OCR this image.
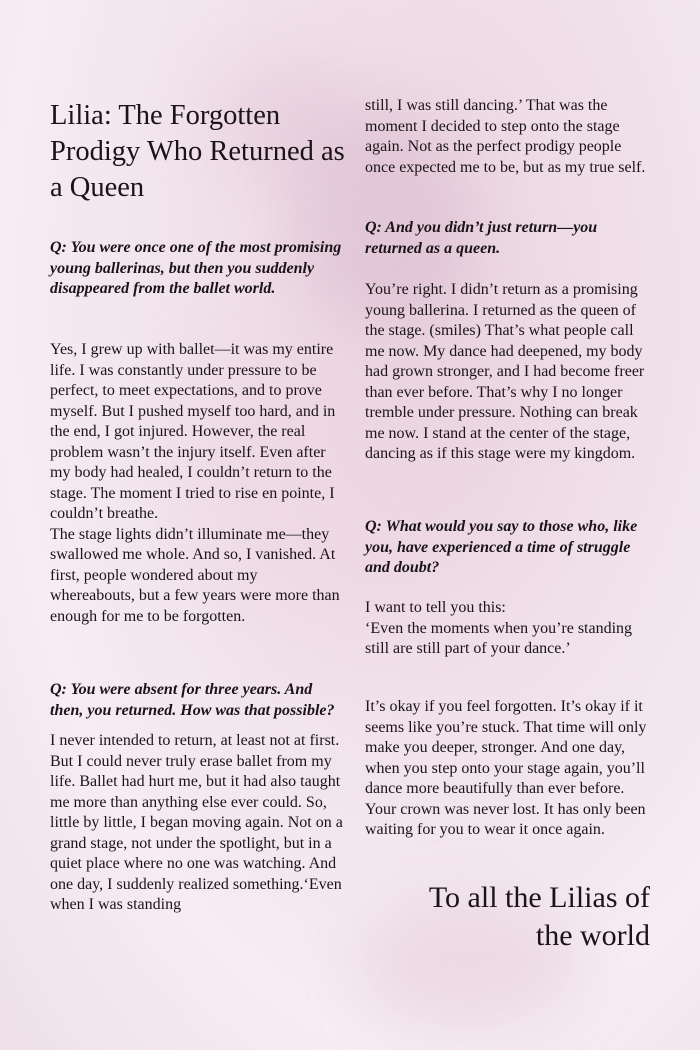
Lilia: The Forgotten Prodigy Who Returned as a Queen

Q: You were once one of the most promising young ballerinas, but then you suddenly disappeared from the ballet world.

Yes, I grew up with ballet—it was my entire life. I was constantly under pressure to be perfect, to meet expectations, and to prove myself. But I pushed myself too hard, and in the end, I got injured. However, the real problem wasn’t the injury itself. Even after my body had healed, I couldn’t return to the stage. The moment I tried to rise en pointe, I couldn’t breathe.
The stage lights didn’t illuminate me—they swallowed me whole. And so, I vanished. At first, people wondered about my whereabouts, but a few years were more than enough for me to be forgotten.

Q: You were absent for three years. And then, you returned. How was that possible?

I never intended to return, at least not at first. But I could never truly erase ballet from my life. Ballet had hurt me, but it had also taught me more than anything else ever could. So, little by little, I began moving again. Not on a grand stage, not under the spotlight, but in a quiet place where no one was watching. And one day, I suddenly realized something.‘Even when I was standing

still, I was still dancing.’ That was the moment I decided to step onto the stage again. Not as the perfect prodigy people once expected me to be, but as my true self.

Q: And you didn’t just return—you returned as a queen.

You’re right. I didn’t return as a promising young ballerina. I returned as the queen of the stage. (smiles) That’s what people call me now. My dance had deepened, my body had grown stronger, and I had become freer than ever before. That’s why I no longer tremble under pressure. Nothing can break me now. I stand at the center of the stage, dancing as if this stage were my kingdom.

Q: What would you say to those who, like you, have experienced a time of struggle and doubt?

I want to tell you this:
‘Even the moments when you’re standing still are still part of your dance.’

It’s okay if you feel forgotten. It’s okay if it seems like you’re stuck. That time will only make you deeper, stronger. And one day, when you step onto your stage again, you’ll dance more beautifully than ever before. Your crown was never lost. It has only been waiting for you to wear it once again.

To all the Lilias of the world
